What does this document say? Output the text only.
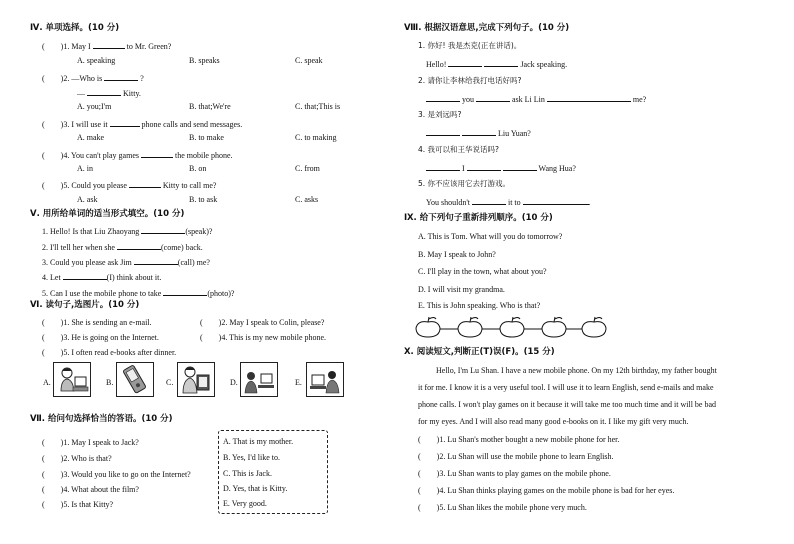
Ⅳ. 单项选择。(10 分)
(　　)1. May I	to Mr. Green?
A. speaking	B. speaks	C. speak
(　　)2. —Who is	?
—	Kitty.
A. you;I'm	B. that;We're	C. that;This is
(　　)3. I will use it	phone calls and send messages.
A. make	B. to make	C. to making
(　　)4. You can't play games	the mobile phone.
A. in	B. on	C. from
(　　)5. Could you please	Kitty to call me?
A. ask	B. to ask	C. asks
Ⅴ. 用所给单词的适当形式填空。(10 分)
1. Hello! Is that Liu Zhaoyang	(speak)?
2. I'll tell her when she	(come) back.
3. Could you please ask Jim	(call) me?
4. Let	(I) think about it.
5. Can I use the mobile phone to take	(photo)?
Ⅵ. 读句子,选图片。(10 分)
(　　)1. She is sending an e-mail.	(　　)2. May I speak to Colin, please?
(　　)3. He is going on the Internet.	(　　)4. This is my new mobile phone.
(　　)5. I often read e-books after dinner.
A.	B.	C.	D.	E.
Ⅶ. 给问句选择恰当的答语。(10 分)
(　　)1. May I speak to Jack?
(　　)2. Who is that?
(　　)3. Would you like to go on the Internet?
(　　)4. What about the film?
(　　)5. Is that Kitty?
A. That is my mother.
B. Yes, I'd like to.
C. This is Jack.
D. Yes, that is Kitty.
E. Very good.
Ⅷ. 根据汉语意思,完成下列句子。(10 分)
1. 你好! 我是杰克(正在讲话)。
Hello!	Jack speaking.
2. 请你让李林给我打电话好吗?
you	ask Li Lin	me?
3. 是刘远吗?
Liu Yuan?
4. 我可以和王华说话吗?
I	Wang Hua?
5. 你不应该用它去打游戏。
You shouldn't	it to	.
Ⅸ. 给下列句子重新排列顺序。(10 分)
A. This is Tom. What will you do tomorrow?
B. May I speak to John?
C. I'll play in the town, what about you?
D. I will visit my grandma.
E. This is John speaking. Who is that?
Ⅹ. 阅读短文,判断正(T)误(F)。(15 分)
Hello, I'm Lu Shan. I have a new mobile phone. On my 12th birthday, my father bought
it for me. I know it is a very useful tool. I will use it to learn English, send e-mails and make
phone calls. I won't play games on it because it will take me too much time and it will be bad
for my eyes. And I will also read many good e-books on it. I like my gift very much.
(　　)1. Lu Shan's mother bought a new mobile phone for her.
(　　)2. Lu Shan will use the mobile phone to learn English.
(　　)3. Lu Shan wants to play games on the mobile phone.
(　　)4. Lu Shan thinks playing games on the mobile phone is bad for her eyes.
(　　)5. Lu Shan likes the mobile phone very much.
